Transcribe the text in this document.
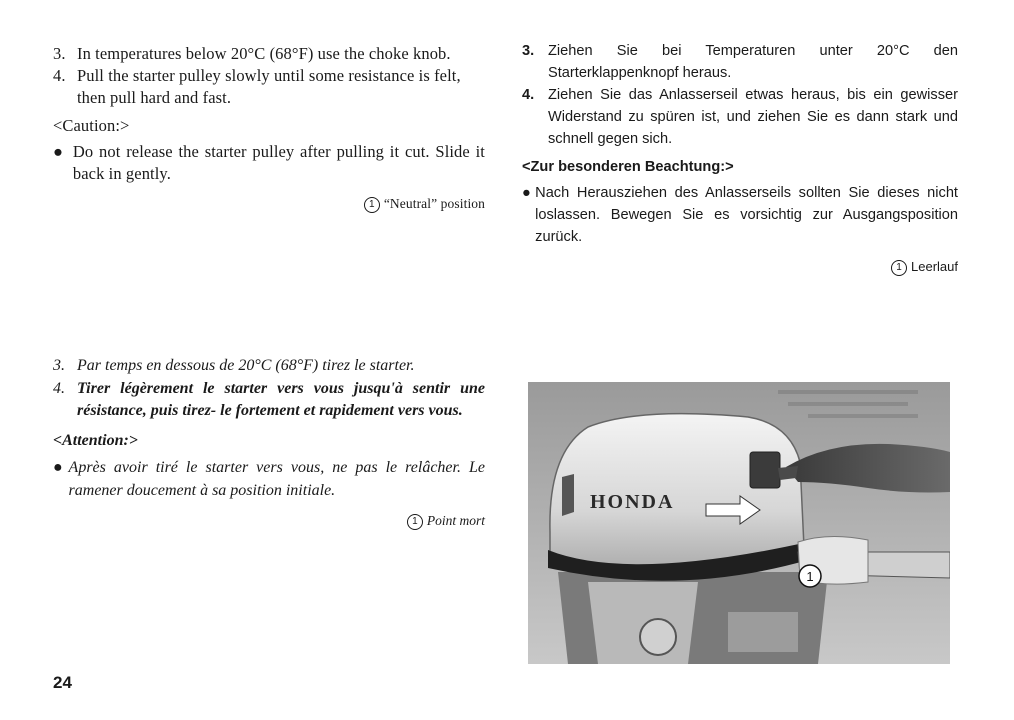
3. In temperatures below 20°C (68°F) use the choke knob.
4. Pull the starter pulley slowly until some resistance is felt, then pull hard and fast.
<Caution:>
● Do not release the starter pulley after pulling it cut. Slide it back in gently.
1 “Neutral” position
3. Ziehen Sie bei Temperaturen unter 20°C den Starterklappenknopf heraus.
4. Ziehen Sie das Anlasserseil etwas heraus, bis ein gewisser Widerstand zu spüren ist, und ziehen Sie es dann stark und schnell gegen sich.
<Zur besonderen Beachtung:>
● Nach Herausziehen des Anlasserseils sollten Sie dieses nicht loslassen. Bewegen Sie es vorsichtig zur Ausgangsposition zurück.
1 Leerlauf
3. Par temps en dessous de 20°C (68°F) tirez le starter.
4. Tirer légèrement le starter vers vous jusqu'à sentir une résistance, puis tirez- le fortement et rapidement vers vous.
<Attention:>
● Après avoir tiré le starter vers vous, ne pas le relâcher. Le ramener doucement à sa position initiale.
1 Point mort
HONDA
1
24
